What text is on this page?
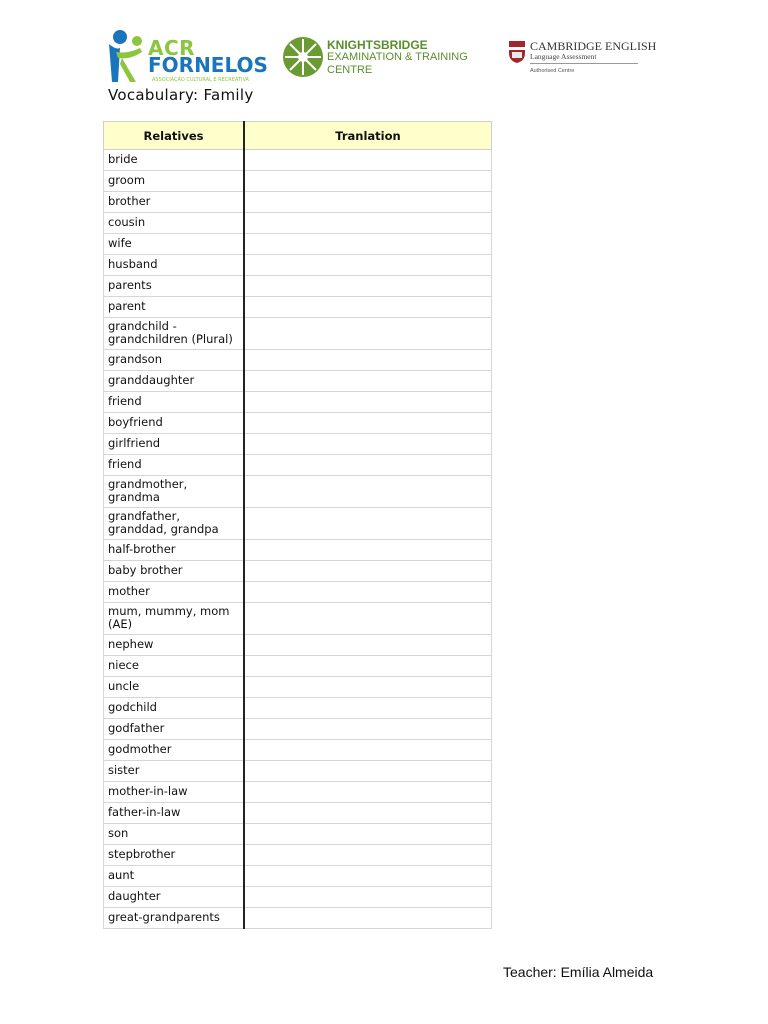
ACR
FORNELOS
ASSOCIAÇÃO CULTURAL E RECREATIVA
KNIGHTSBRIDGE
EXAMINATION & TRAINING
CENTRE
CAMBRIDGE ENGLISH
Language Assessment
Authorised Centre
Vocabulary: Family
Relatives	Tranlation
bride	
groom	
brother	
cousin	
wife	
husband	
parents	
parent	
grandchild -
grandchildren (Plural)	
grandson	
granddaughter	
friend	
boyfriend	
girlfriend	
friend	
grandmother,
grandma	
grandfather,
granddad, grandpa	
half-brother	
baby brother	
mother	
mum, mummy, mom
(AE)	
nephew	
niece	
uncle	
godchild	
godfather	
godmother	
sister	
mother-in-law	
father-in-law	
son	
stepbrother	
aunt	
daughter	
great-grandparents	
Teacher: Emília Almeida
